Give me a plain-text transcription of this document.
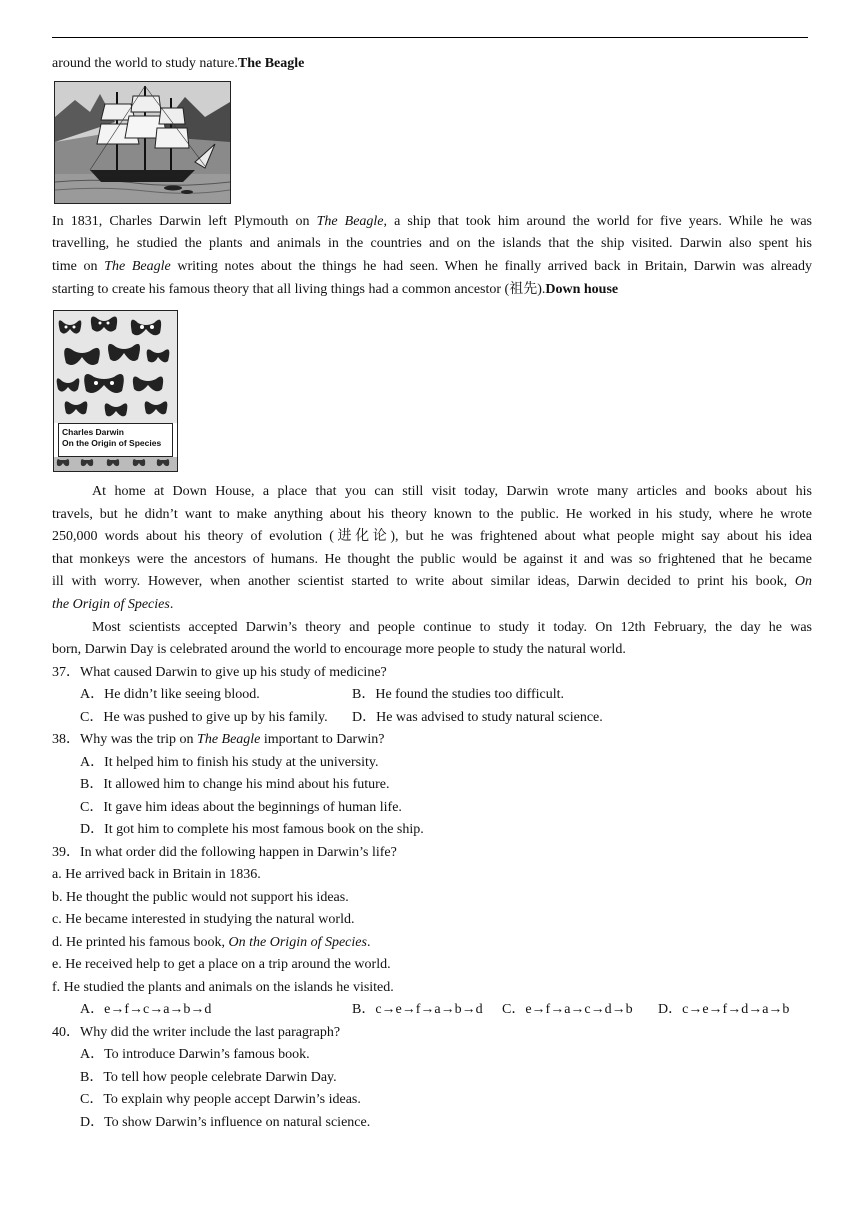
around the world to study nature.The Beagle
In 1831, Charles Darwin left Plymouth on The Beagle, a ship that took him around the world for five years. While he was
travelling, he studied the plants and animals in the countries and on the islands that the ship visited. Darwin also spent his
time on The Beagle writing notes about the things he had seen. When he finally arrived back in Britain, Darwin was already
starting to create his famous theory that all living things had a common ancestor (祖先).Down house
Charles Darwin
On the Origin of Species
At home at Down House, a place that you can still visit today, Darwin wrote many articles and books about his
travels, but he didn’t want to make anything about his theory known to the public. He worked in his study, where he wrote
250,000 words about his theory of evolution (进化论), but he was frightened about what people might say about his idea
that monkeys were the ancestors of humans. He thought the public would be against it and was so frightened that he became
ill with worry. However, when another scientist started to write about similar ideas, Darwin decided to print his book, On
the Origin of Species.
Most scientists accepted Darwin’s theory and people continue to study it today. On 12th February, the day he was
born, Darwin Day is celebrated around the world to encourage more people to study the natural world.
37．What caused Darwin to give up his study of medicine?
A．He didn’t like seeing blood.	B．He found the studies too difficult.
C．He was pushed to give up by his family. D．He was advised to study natural science.
38．Why was the trip on The Beagle important to Darwin?
A．It helped him to finish his study at the university.
B．It allowed him to change his mind about his future.
C．It gave him ideas about the beginnings of human life.
D．It got him to complete his most famous book on the ship.
39．In what order did the following happen in Darwin’s life?
a. He arrived back in Britain in 1836.
b. He thought the public would not support his ideas.
c. He became interested in studying the natural world.
d. He printed his famous book, On the Origin of Species.
e. He received help to get a place on a trip around the world.
f. He studied the plants and animals on the islands he visited.
A．e→f→c→a→b→d	B．c→e→f→a→b→d C．e→f→a→c→d→b D．c→e→f→d→a→b
40．Why did the writer include the last paragraph?
A．To introduce Darwin’s famous book.
B．To tell how people celebrate Darwin Day.
C．To explain why people accept Darwin’s ideas.
D．To show Darwin’s influence on natural science.
